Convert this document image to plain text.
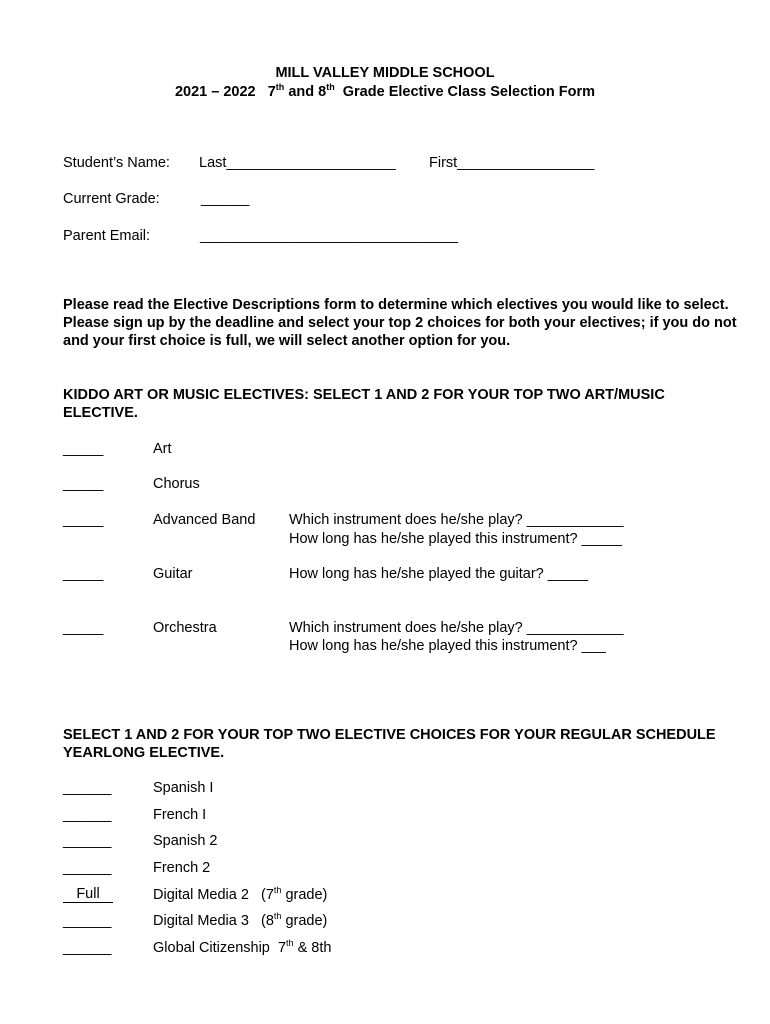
MILL VALLEY MIDDLE SCHOOL
2021 – 2022 7th and 8th Grade Elective Class Selection Form
Student’s Name: Last_____________________ First_________________
Current Grade:	______
Parent Email:	________________________________
Please read the Elective Descriptions form to determine which electives you would like to select. Please sign up by the deadline and select your top 2 choices for both your electives; if you do not and your first choice is full, we will select another option for you.
KIDDO ART OR MUSIC ELECTIVES: SELECT 1 AND 2 FOR YOUR TOP TWO ART/MUSIC ELECTIVE.
_____	Art
_____	Chorus
_____	Advanced Band Which instrument does he/she play? ____________
How long has he/she played this instrument? _____
_____	Guitar	How long has he/she played the guitar? _____
_____	Orchestra	Which instrument does he/she play? ____________
How long has he/she played this instrument? ___
SELECT 1 AND 2 FOR YOUR TOP TWO ELECTIVE CHOICES FOR YOUR REGULAR SCHEDULE YEARLONG ELECTIVE.
______	Spanish I
______	French I
______	Spanish 2
______	French 2
Full	Digital Media 2 (7th grade)
______	Digital Media 3 (8th grade)
______	Global Citizenship 7th & 8th
